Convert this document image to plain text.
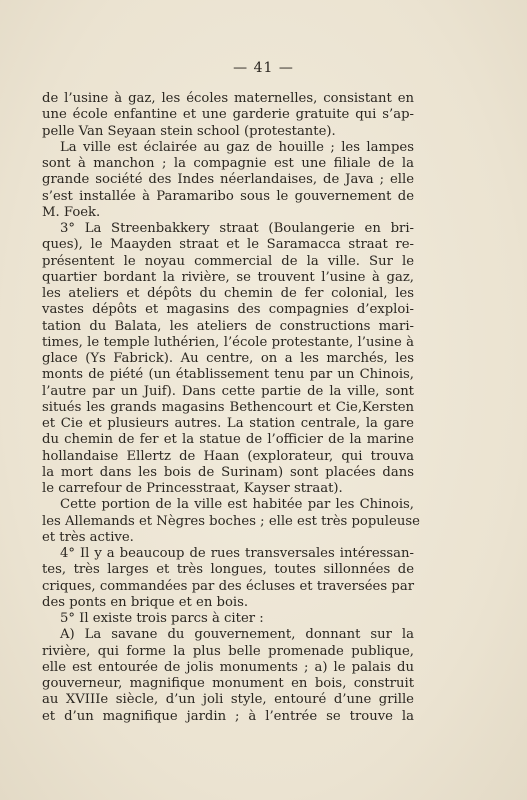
— 41 —
de l’usine à gaz, les écoles maternelles, consistant en
une école enfantine et une garderie gratuite qui s’ap-
pelle Van Seyaan stein school (protestante).
La ville est éclairée au gaz de houille ; les lampes
sont à manchon ; la compagnie est une filiale de la
grande société des Indes néerlandaises, de Java ; elle
s’est installée à Paramaribo sous le gouvernement de
M. Foek.
3° La Streenbakkery straat (Boulangerie en bri-
ques), le Maayden straat et le Saramacca straat re-
présentent le noyau commercial de la ville. Sur le
quartier bordant la rivière, se trouvent l’usine à gaz,
les ateliers et dépôts du chemin de fer colonial, les
vastes dépôts et magasins des compagnies d’exploi-
tation du Balata, les ateliers de constructions mari-
times, le temple luthérien, l’école protestante, l’usine à
glace (Ys Fabrick). Au centre, on a les marchés, les
monts de piété (un établissement tenu par un Chinois,
l’autre par un Juif). Dans cette partie de la ville, sont
situés les grands magasins Bethencourt et Cie,Kersten
et Cie et plusieurs autres. La station centrale, la gare
du chemin de fer et la statue de l’officier de la marine
hollandaise Ellertz de Haan (explorateur, qui trouva
la mort dans les bois de Surinam) sont placées dans
le carrefour de Princesstraat, Kayser straat).
Cette portion de la ville est habitée par les Chinois,
les Allemands et Nègres boches ; elle est très populeuse
et très active.
4° Il y a beaucoup de rues transversales intéressan-
tes, très larges et très longues, toutes sillonnées de
criques, commandées par des écluses et traversées par
des ponts en brique et en bois.
5° Il existe trois parcs à citer :
A) La savane du gouvernement, donnant sur la
rivière, qui forme la plus belle promenade publique,
elle est entourée de jolis monuments ; a) le palais du
gouverneur, magnifique monument en bois, construit
au XVIIIe siècle, d’un joli style, entouré d’une grille
et d’un magnifique jardin ; à l’entrée se trouve la
